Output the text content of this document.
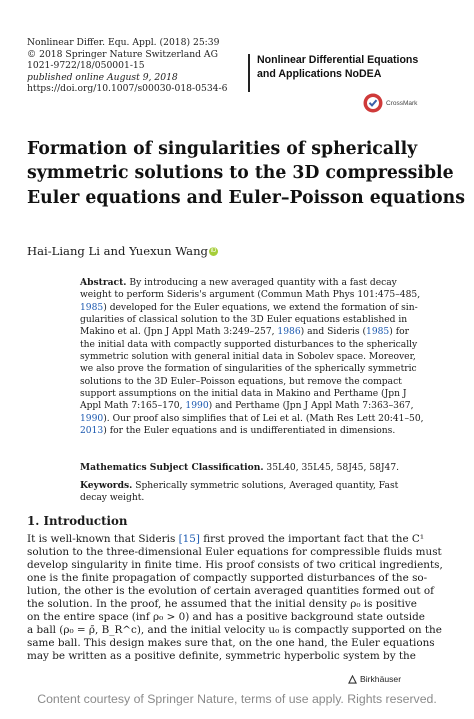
Nonlinear Differ. Equ. Appl. (2018) 25:39
© 2018 Springer Nature Switzerland AG
1021-9722/18/050001-15
published online August 9, 2018
https://doi.org/10.1007/s00030-018-0534-6
Nonlinear Differential Equations
and Applications NoDEA
CrossMark
Formation of singularities of spherically
symmetric solutions to the 3D compressible
Euler equations and Euler–Poisson equations
Hai-Liang Li and Yuexun Wang iD
Abstract. By introducing a new averaged quantity with a fast decay
weight to perform Sideris's argument (Commun Math Phys 101:475–485,
1985) developed for the Euler equations, we extend the formation of sin-
gularities of classical solution to the 3D Euler equations established in
Makino et al. (Jpn J Appl Math 3:249–257, 1986) and Sideris (1985) for
the initial data with compactly supported disturbances to the spherically
symmetric solution with general initial data in Sobolev space. Moreover,
we also prove the formation of singularities of the spherically symmetric
solutions to the 3D Euler–Poisson equations, but remove the compact
support assumptions on the initial data in Makino and Perthame (Jpn J
Appl Math 7:165–170, 1990) and Perthame (Jpn J Appl Math 7:363–367,
1990). Our proof also simplifies that of Lei et al. (Math Res Lett 20:41–50,
2013) for the Euler equations and is undifferentiated in dimensions.
Mathematics Subject Classification. 35L40, 35L45, 58J45, 58J47.
Keywords. Spherically symmetric solutions, Averaged quantity, Fast
decay weight.
1. Introduction
It is well-known that Sideris [15] first proved the important fact that the C¹
solution to the three-dimensional Euler equations for compressible fluids must
develop singularity in finite time. His proof consists of two critical ingredients,
one is the finite propagation of compactly supported disturbances of the so-
lution, the other is the evolution of certain averaged quantities formed out of
the solution. In the proof, he assumed that the initial density ρ₀ is positive
on the entire space (inf ρ₀ > 0) and has a positive background state outside
a ball (ρ₀ = ρ̄, B_R^c), and the initial velocity u₀ is compactly supported on the
same ball. This design makes sure that, on the one hand, the Euler equations
may be written as a positive definite, symmetric hyperbolic system by the
Birkhäuser
Content courtesy of Springer Nature, terms of use apply. Rights reserved.
